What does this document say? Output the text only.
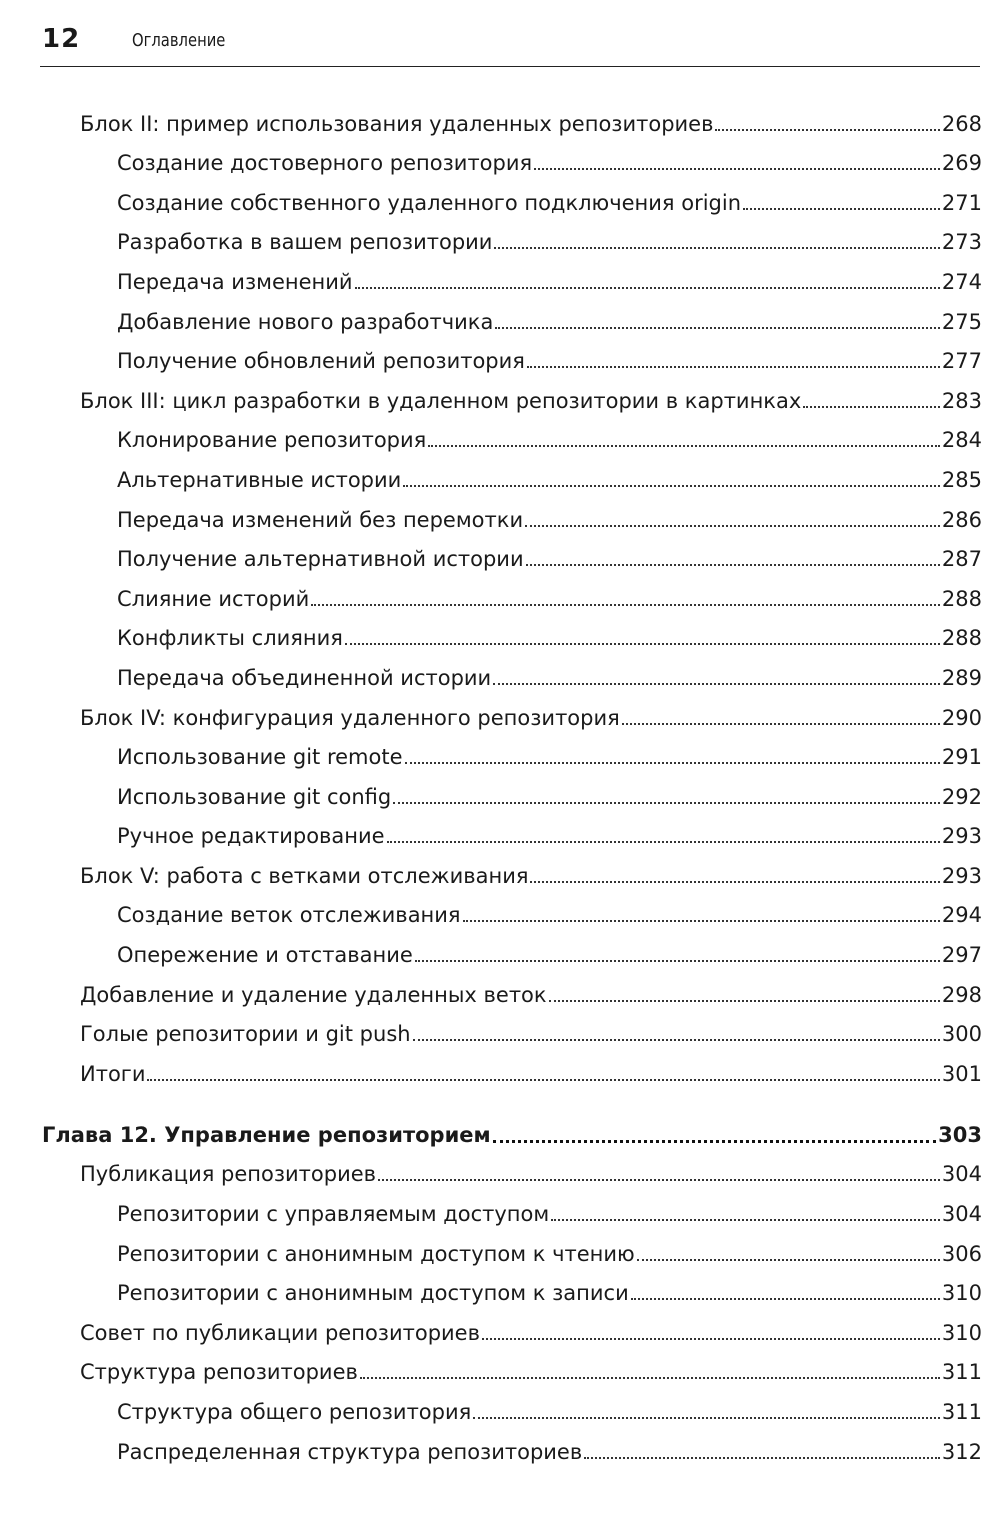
12	Оглавление
Блок II: пример использования удаленных репозиториев	268
Создание достоверного репозитория	269
Создание собственного удаленного подключения origin	271
Разработка в вашем репозитории	273
Передача изменений	274
Добавление нового разработчика	275
Получение обновлений репозитория	277
Блок III: цикл разработки в удаленном репозитории в картинках	283
Клонирование репозитория	284
Альтернативные истории	285
Передача изменений без перемотки	286
Получение альтернативной истории	287
Слияние историй	288
Конфликты слияния	288
Передача объединенной истории	289
Блок IV: конфигурация удаленного репозитория	290
Использование git remote	291
Использование git config	292
Ручное редактирование	293
Блок V: работа с ветками отслеживания	293
Создание веток отслеживания	294
Опережение и отставание	297
Добавление и удаление удаленных веток	298
Голые репозитории и git push	300
Итоги	301
Глава 12. Управление репозиторием	303
Публикация репозиториев	304
Репозитории с управляемым доступом	304
Репозитории с анонимным доступом к чтению	306
Репозитории с анонимным доступом к записи	310
Совет по публикации репозиториев	310
Структура репозиториев	311
Структура общего репозитория	311
Распределенная структура репозиториев	312
